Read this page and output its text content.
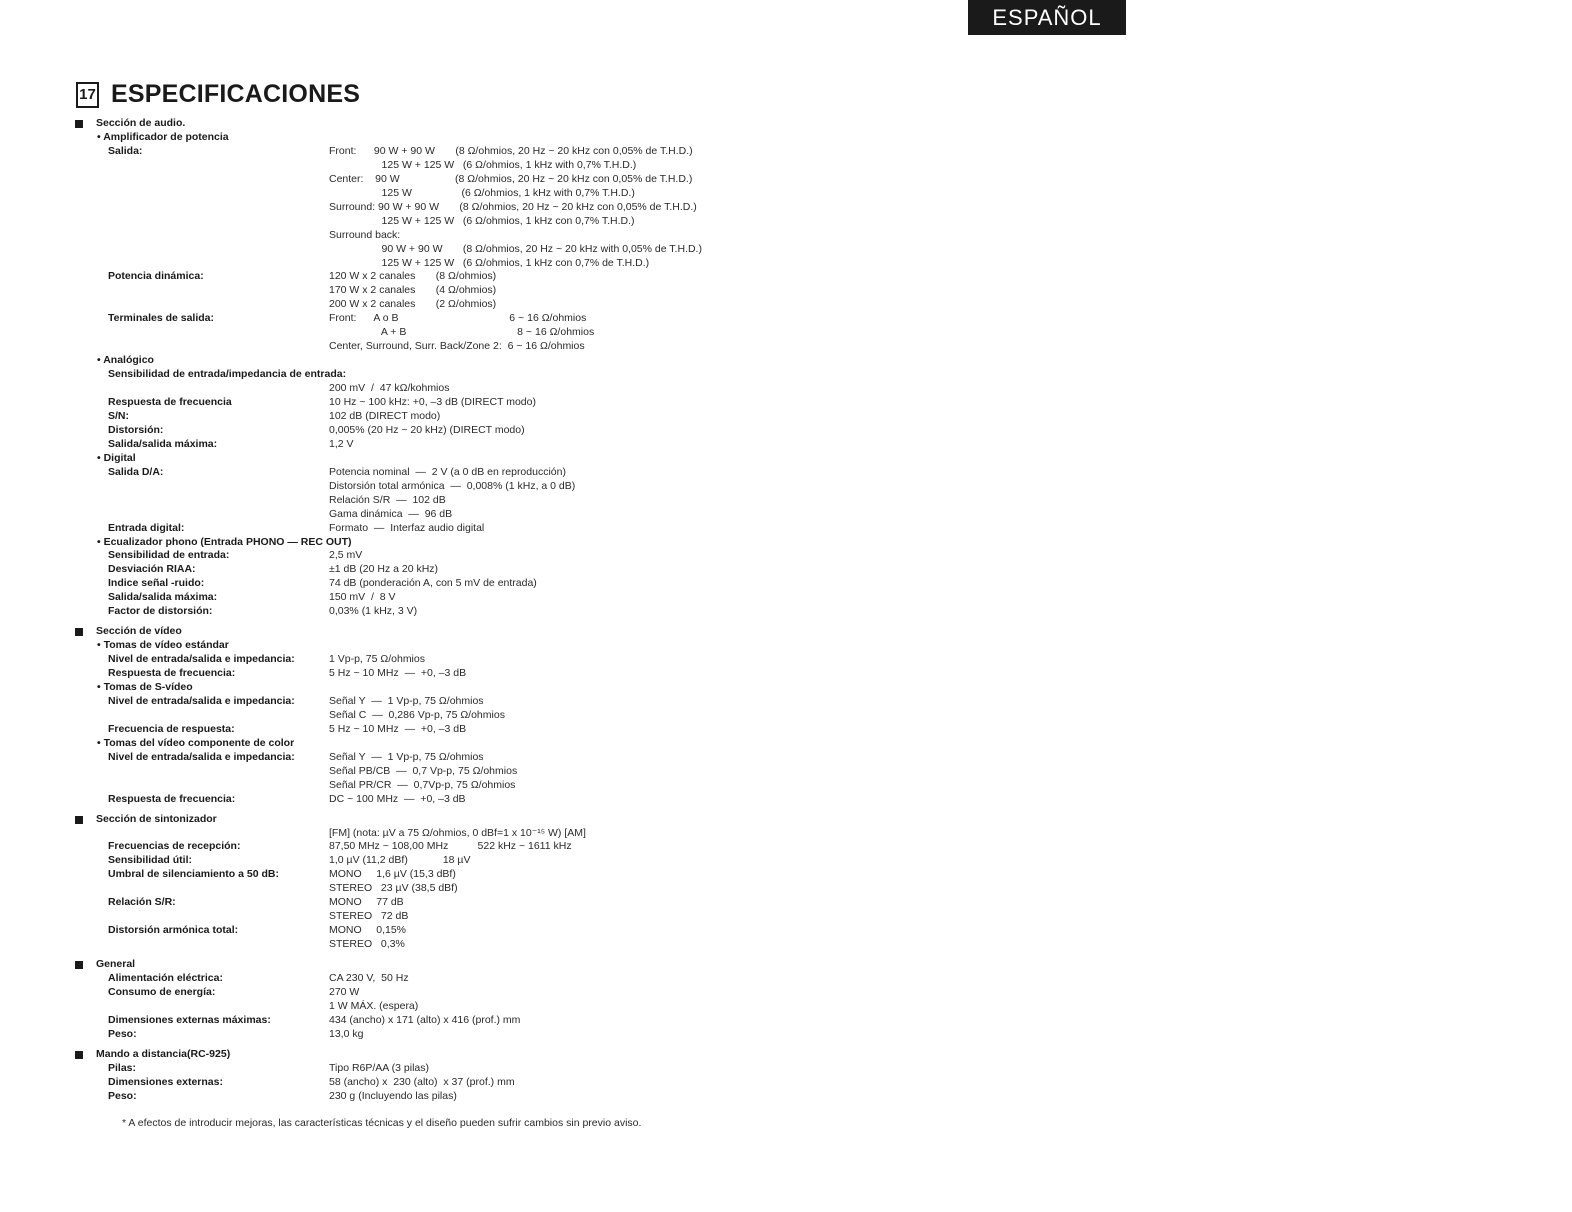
ESPAÑOL
17 ESPECIFICACIONES
Sección de audio.
• Amplificador de potencia
Salida:	Front:      90 W + 90 W       (8 Ω/ohmios, 20 Hz ~ 20 kHz con 0,05% de T.H.D.)
125 W + 125 W   (6 Ω/ohmios, 1 kHz with 0,7% T.H.D.)
Center:    90 W                   (8 Ω/ohmios, 20 Hz ~ 20 kHz con 0,05% de T.H.D.)
125 W                 (6 Ω/ohmios, 1 kHz with 0,7% T.H.D.)
Surround: 90 W + 90 W       (8 Ω/ohmios, 20 Hz ~ 20 kHz con 0,05% de T.H.D.)
125 W + 125 W   (6 Ω/ohmios, 1 kHz con 0,7% T.H.D.)
Surround back:
90 W + 90 W       (8 Ω/ohmios, 20 Hz ~ 20 kHz with 0,05% de T.H.D.)
125 W + 125 W   (6 Ω/ohmios, 1 kHz con 0,7% de T.H.D.)
Potencia dinámica:	120 W x 2 canales       (8 Ω/ohmios)
170 W x 2 canales       (4 Ω/ohmios)
200 W x 2 canales       (2 Ω/ohmios)
Terminales de salida:	Front:      A o B                                      6 ~ 16 Ω/ohmios
A + B                                      8 ~ 16 Ω/ohmios
Center, Surround, Surr. Back/Zone 2:  6 ~ 16 Ω/ohmios
• Analógico
Sensibilidad de entrada/impedancia de entrada:

200 mV  /  47 kΩ/kohmios
Respuesta de frecuencia	10 Hz ~ 100 kHz: +0, –3 dB (DIRECT modo)
S/N:	102 dB (DIRECT modo)
Distorsión:	0,005% (20 Hz ~ 20 kHz) (DIRECT modo)
Salida/salida máxima:	1,2 V
• Digital
Salida D/A:	Potencia nominal  —  2 V (a 0 dB en reproducción)
Distorsión total armónica  —  0,008% (1 kHz, a 0 dB)
Relación S/R  —  102 dB
Gama dinámica  —  96 dB
Entrada digital:	Formato  —  Interfaz audio digital
• Ecualizador phono (Entrada PHONO — REC OUT)
Sensibilidad de entrada:	2,5 mV
Desviación RIAA:	±1 dB (20 Hz a 20 kHz)
Indice señal -ruido:	74 dB (ponderación A, con 5 mV de entrada)
Salida/salida máxima:	150 mV  /  8 V
Factor de distorsión:	0,03% (1 kHz, 3 V)
Sección de vídeo
• Tomas de vídeo estándar
Nivel de entrada/salida e impedancia:	1 Vp-p, 75 Ω/ohmios
Respuesta de frecuencia:	5 Hz ~ 10 MHz  —  +0, –3 dB
• Tomas de S-vídeo
Nivel de entrada/salida e impedancia:	Señal Y  —  1 Vp-p, 75 Ω/ohmios
Señal C  —  0,286 Vp-p, 75 Ω/ohmios
Frecuencia de respuesta:	5 Hz ~ 10 MHz  —  +0, –3 dB
• Tomas del vídeo componente de color
Nivel de entrada/salida e impedancia:	Señal Y  —  1 Vp-p, 75 Ω/ohmios
Señal PB/CB  —  0,7 Vp-p, 75 Ω/ohmios
Señal PR/CR  —  0,7Vp-p, 75 Ω/ohmios
Respuesta de frecuencia:	DC ~ 100 MHz  —  +0, –3 dB
Sección de sintonizador
[FM] (nota: µV a 75 Ω/ohmios, 0 dBf=1 x 10⁻¹⁵ W) [AM]
Frecuencias de recepción:	87,50 MHz ~ 108,00 MHz          522 kHz ~ 1611 kHz
Sensibilidad útil:	1,0 µV (11,2 dBf)            18 µV
Umbral de silenciamiento a 50 dB:	MONO     1,6 µV (15,3 dBf)
STEREO   23 µV (38,5 dBf)
Relación S/R:	MONO     77 dB
STEREO   72 dB
Distorsión armónica total:	MONO     0,15%
STEREO   0,3%
General
Alimentación eléctrica:	CA 230 V,  50 Hz
Consumo de energía:	270 W
1 W MÁX. (espera)
Dimensiones externas máximas:	434 (ancho) x 171 (alto) x 416 (prof.) mm
Peso:	13,0 kg
Mando a distancia(RC-925)
Pilas:	Tipo R6P/AA (3 pilas)
Dimensiones externas:	58 (ancho) x  230 (alto)  x 37 (prof.) mm
Peso:	230 g (Incluyendo las pilas)
* A efectos de introducir mejoras, las características técnicas y el diseño pueden sufrir cambios sin previo aviso.
